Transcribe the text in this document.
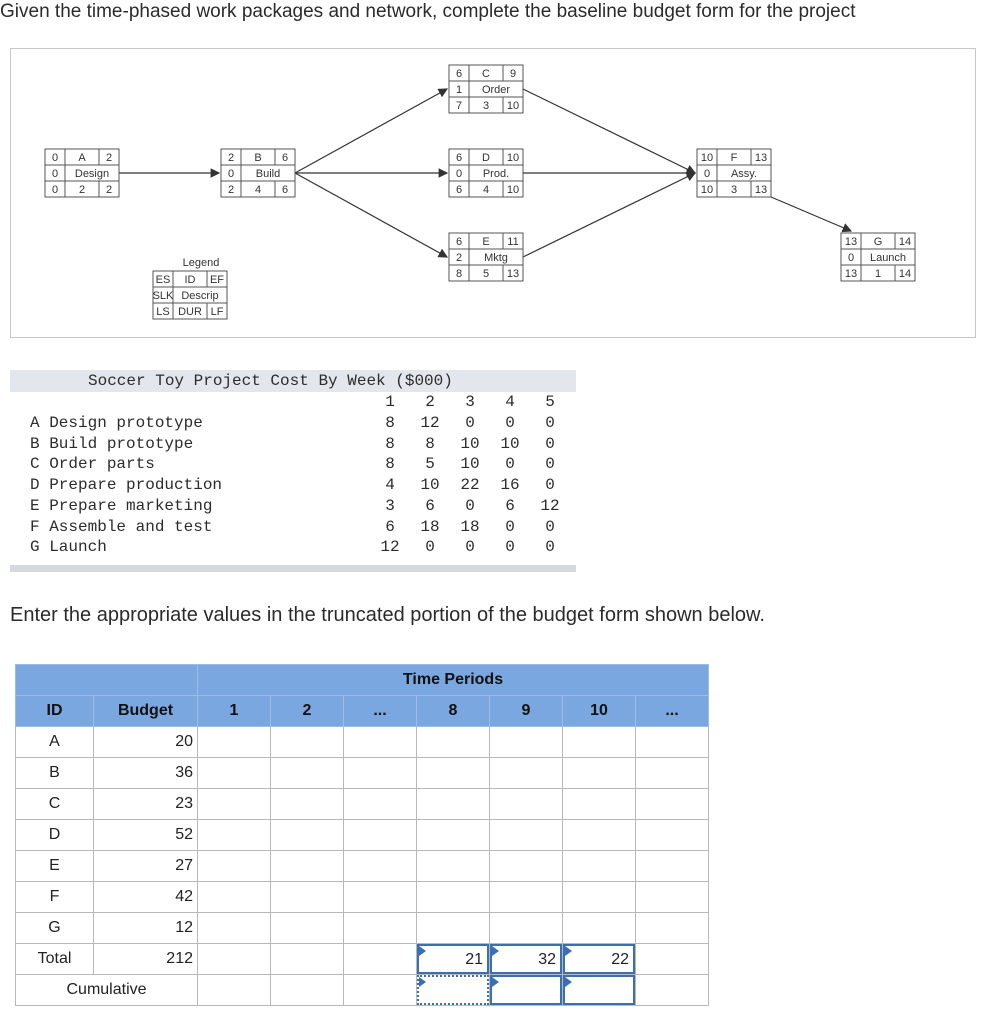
Given the time-phased work packages and network, complete the baseline budget form for the project
0 A 2
0 Design
0 2 2
2 B 6
0 Build
2 4 6
6 C 9
1 Order
7 3 10
6 D 10
0 Prod.
6 4 10
6 E 11
2 Mktg
8 5 13
10 F 13
0 Assy.
10 3 13
13 G 14
0 Launch
13 1 14
Legend
ES ID EF
SLK Descrip
LS DUR LF
Soccer Toy Project Cost By Week ($000)
1	2	3	4	5
A Design prototype	8	12	0	0	0
B Build prototype	8	8	10	10	0
C Order parts	8	5	10	0	0
D Prepare production	4	10	22	16	0
E Prepare marketing	3	6	0	6	12
F Assemble and test	6	18	18	0	0
G Launch	12	0	0	0	0
Enter the appropriate values in the truncated portion of the budget form shown below.
		Time Periods						
ID	Budget	1	2	...	8	9	10	...
A	20							
B	36							
C	23							
D	52							
E	27							
F	42							
G	12							
Total	212				21	32	22	

Cumulative					
